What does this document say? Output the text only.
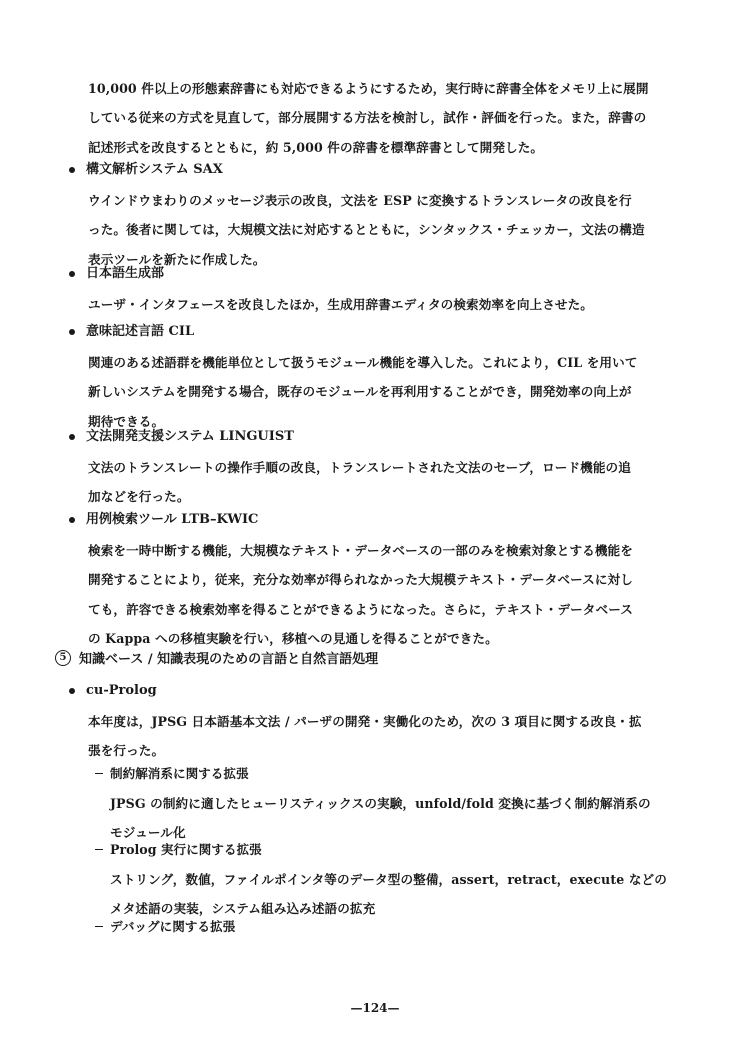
10,000 件以上の形態素辞書にも対応できるようにするため，実行時に辞書全体をメモリ上に展開
している従来の方式を見直して，部分展開する方法を検討し，試作・評価を行った。また，辞書の
記述形式を改良するとともに，約 5,000 件の辞書を標準辞書として開発した。
構文解析システム SAX
ウインドウまわりのメッセージ表示の改良，文法を ESP に変換するトランスレータの改良を行
った。後者に関しては，大規模文法に対応するとともに，シンタックス・チェッカー，文法の構造
表示ツールを新たに作成した。
日本語生成部
ユーザ・インタフェースを改良したほか，生成用辞書エディタの検索効率を向上させた。
意味記述言語 CIL
関連のある述語群を機能単位として扱うモジュール機能を導入した。これにより，CIL を用いて
新しいシステムを開発する場合，既存のモジュールを再利用することができ，開発効率の向上が
期待できる。
文法開発支援システム LINGUIST
文法のトランスレートの操作手順の改良，トランスレートされた文法のセーブ，ロード機能の追
加などを行った。
用例検索ツール LTB–KWIC
検索を一時中断する機能，大規模なテキスト・データベースの一部のみを検索対象とする機能を
開発することにより，従来，充分な効率が得られなかった大規模テキスト・データベースに対し
ても，許容できる検索効率を得ることができるようになった。さらに，テキスト・データベース
の Kappa への移植実験を行い，移植への見通しを得ることができた。
5 知識ベース / 知識表現のための言語と自然言語処理
cu-Prolog
本年度は，JPSG 日本語基本文法 / パーザの開発・実働化のため，次の 3 項目に関する改良・拡
張を行った。
制約解消系に関する拡張
JPSG の制約に適したヒューリスティックスの実験，unfold/fold 変換に基づく制約解消系の
モジュール化
Prolog 実行に関する拡張
ストリング，数値，ファイルポインタ等のデータ型の整備，assert，retract，execute などの
メタ述語の実装，システム組み込み述語の拡充
デバッグに関する拡張
—124—
